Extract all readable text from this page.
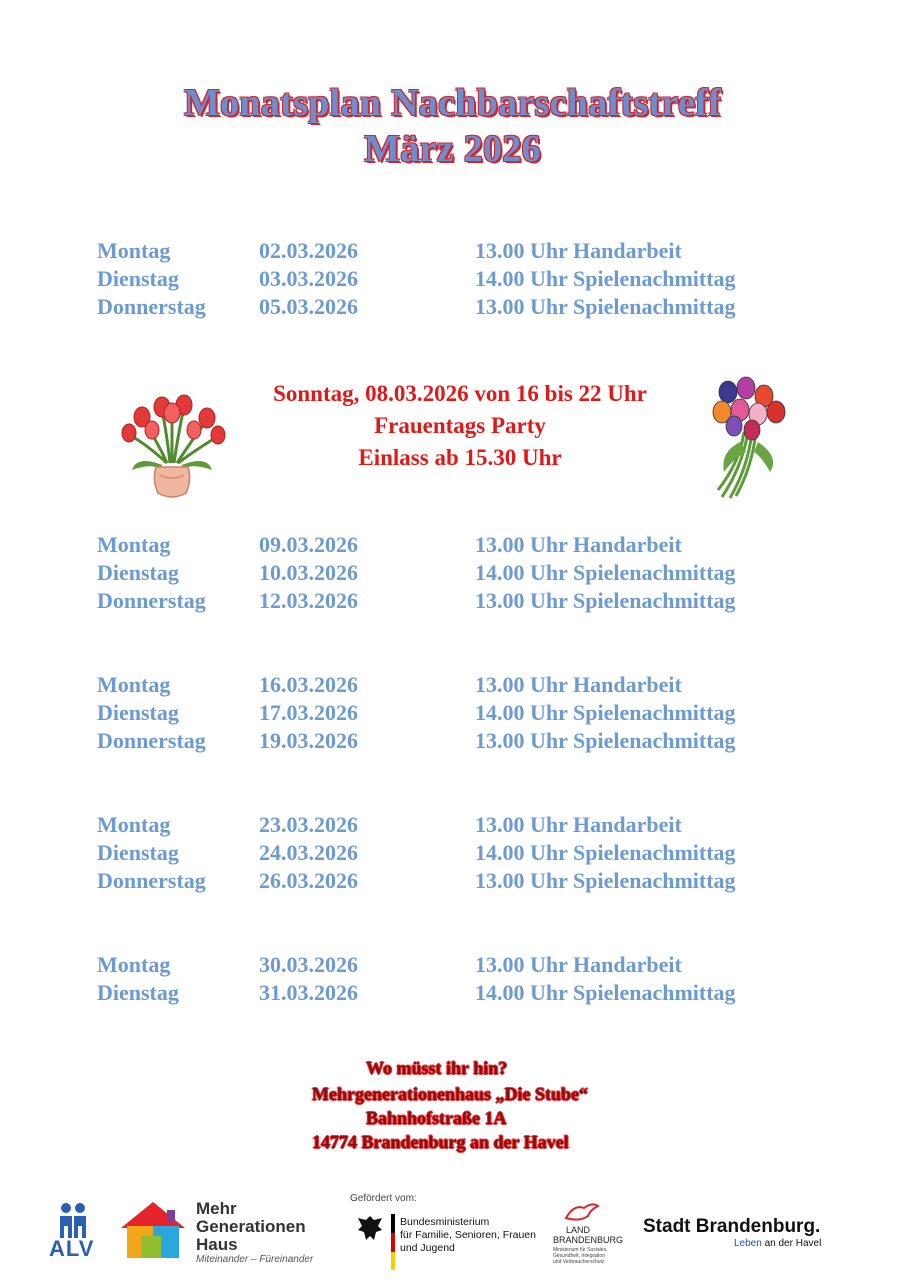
Monatsplan Nachbarschaftstreff
März 2026
Montag	02.03.2026	13.00 Uhr Handarbeit
Dienstag	03.03.2026	14.00 Uhr Spielenachmittag
Donnerstag 05.03.2026	13.00 Uhr Spielenachmittag
Montag	09.03.2026	13.00 Uhr Handarbeit
Dienstag	10.03.2026	14.00 Uhr Spielenachmittag
Donnerstag 12.03.2026	13.00 Uhr Spielenachmittag
Montag	16.03.2026	13.00 Uhr Handarbeit
Dienstag	17.03.2026	14.00 Uhr Spielenachmittag
Donnerstag 19.03.2026	13.00 Uhr Spielenachmittag
Montag	23.03.2026	13.00 Uhr Handarbeit
Dienstag	24.03.2026	14.00 Uhr Spielenachmittag
Donnerstag 26.03.2026	13.00 Uhr Spielenachmittag
Montag	30.03.2026	13.00 Uhr Handarbeit
Dienstag	31.03.2026	14.00 Uhr Spielenachmittag
Sonntag, 08.03.2026 von 16 bis 22 Uhr
Frauentags Party
Einlass ab 15.30 Uhr
Wo müsst ihr hin?
Mehrgenerationenhaus „Die Stube“
Bahnhofstraße 1A
14774 Brandenburg an der Havel
ALV
Mehr
Generationen
Haus
Miteinander – Füreinander
Gefördert vom:
Bundesministerium
für Familie, Senioren, Frauen
und Jugend
LAND
BRANDENBURG
Ministerium für Soziales,
Gesundheit, Integration
und Verbraucherschutz
Stadt Brandenburg.
Leben an der Havel
